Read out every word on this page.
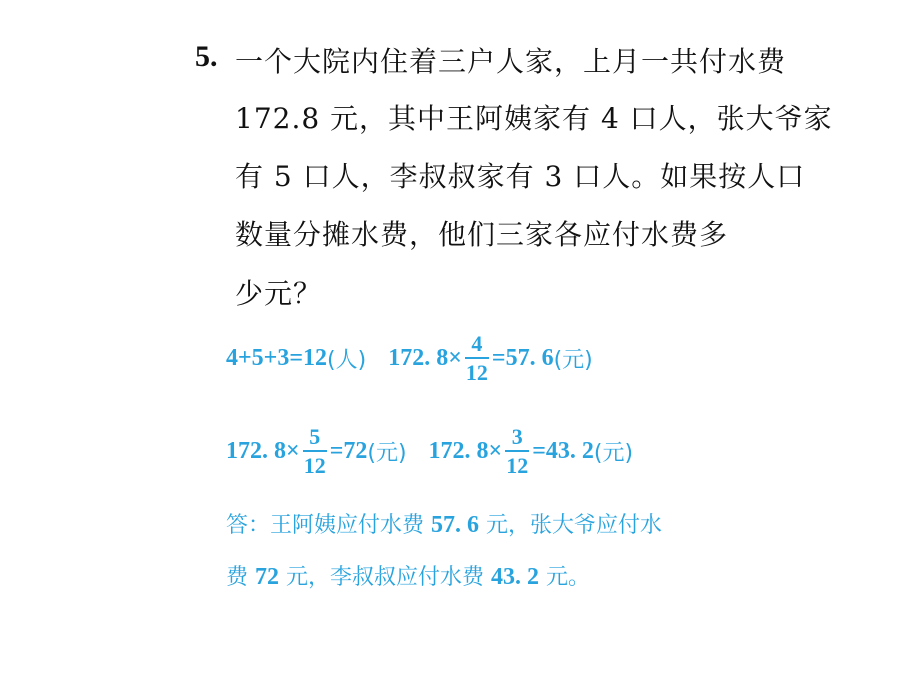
5. 一个大院内住着三户人家，上月一共付水费
172.8 元，其中王阿姨家有 4 口人，张大爷家
有 5 口人，李叔叔家有 3 口人。如果按人口
数量分摊水费，他们三家各应付水费多
少元？
4+5+3=12 (人) 172. $8\times \frac{4}{12} =57$. 6 (元)
172. $8\times \frac{5}{12} =72$ (元) 172. $8\times \frac{3}{12} =43$. 2 (元)
答：王阿姨应付水费 57. 6 元，张大爷应付水
费 72 元，李叔叔应付水费 43. 2 元。
